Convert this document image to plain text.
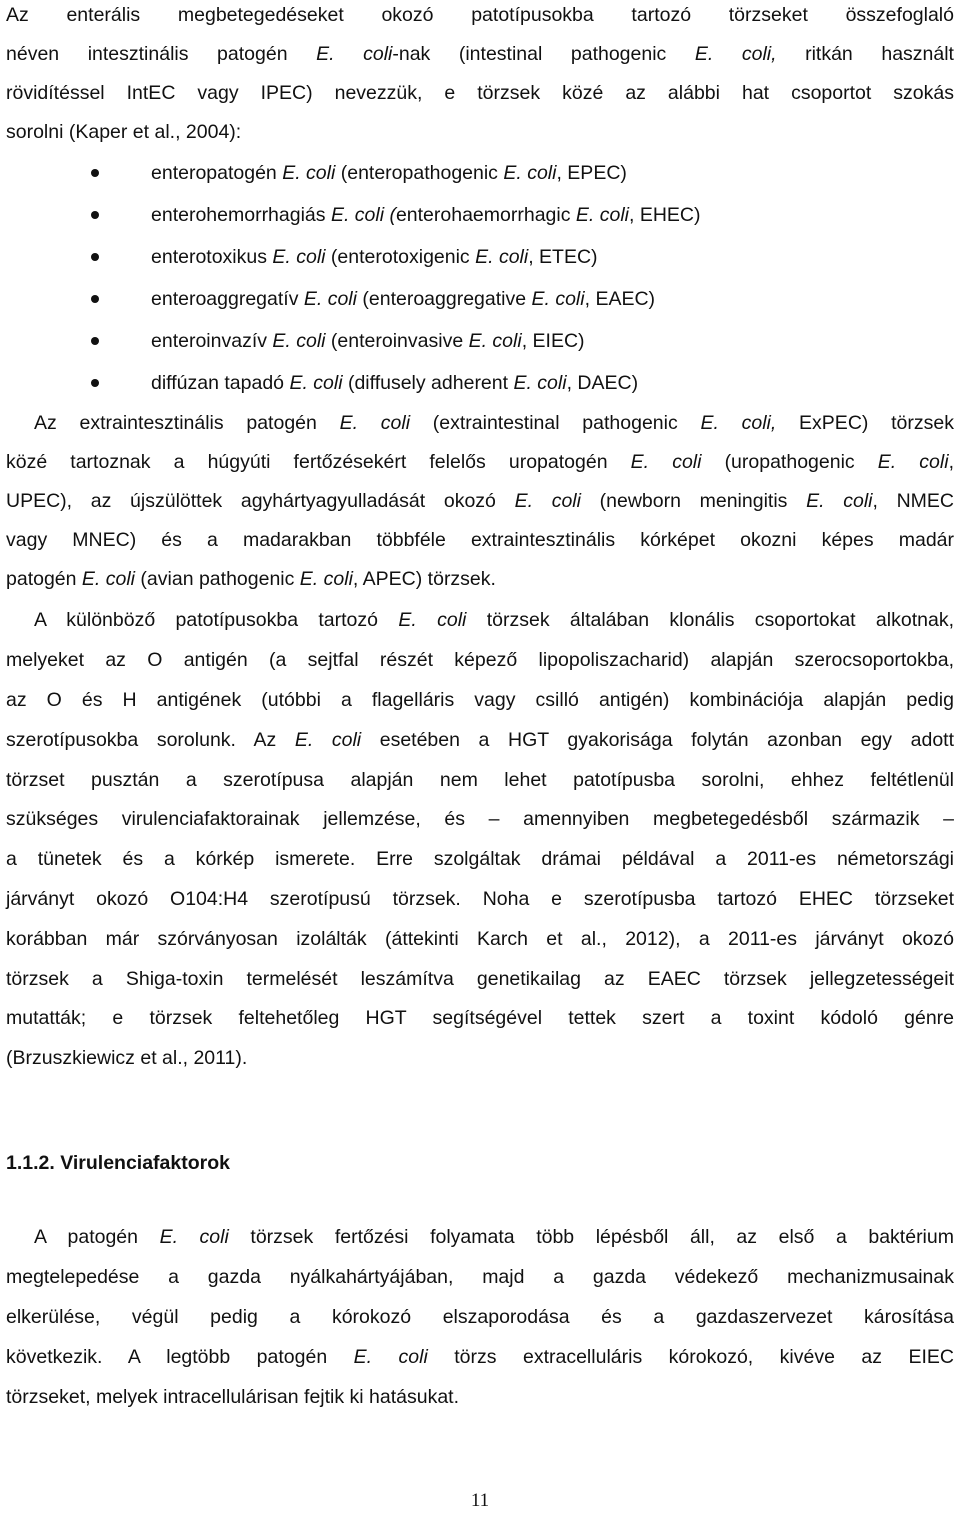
Az enterális megbetegedéseket okozó patotípusokba tartozó törzseket összefoglaló
néven intesztinális patogén E. coli-nak (intestinal pathogenic E. coli, ritkán használt
rövidítéssel IntEC vagy IPEC) nevezzük, e törzsek közé az alábbi hat csoportot szokás
sorolni (Kaper et al., 2004):
enteropatogén E. coli (enteropathogenic E. coli, EPEC)
enterohemorrhagiás E. coli (enterohaemorrhagic E. coli, EHEC)
enterotoxikus E. coli (enterotoxigenic E. coli, ETEC)
enteroaggregatív E. coli (enteroaggregative E. coli, EAEC)
enteroinvazív E. coli (enteroinvasive E. coli, EIEC)
diffúzan tapadó E. coli (diffusely adherent E. coli, DAEC)
Az extraintesztinális patogén E. coli (extraintestinal pathogenic E. coli, ExPEC) törzsek
közé tartoznak a húgyúti fertőzésekért felelős uropatogén E. coli (uropathogenic E. coli,
UPEC), az újszülöttek agyhártyagyulladását okozó E. coli (newborn meningitis E. coli, NMEC
vagy MNEC) és a madarakban többféle extraintesztinális kórképet okozni képes madár
patogén E. coli (avian pathogenic E. coli, APEC) törzsek.
A különböző patotípusokba tartozó E. coli törzsek általában klonális csoportokat alkotnak,
melyeket az O antigén (a sejtfal részét képező lipopoliszacharid) alapján szerocsoportokba,
az O és H antigének (utóbbi a flagelláris vagy csilló antigén) kombinációja alapján pedig
szerotípusokba sorolunk. Az E. coli esetében a HGT gyakorisága folytán azonban egy adott
törzset pusztán a szerotípusa alapján nem lehet patotípusba sorolni, ehhez feltétlenül
szükséges virulenciafaktorainak jellemzése, és – amennyiben megbetegedésből származik –
a tünetek és a kórkép ismerete. Erre szolgáltak drámai példával a 2011-es németországi
járványt okozó O104:H4 szerotípusú törzsek. Noha e szerotípusba tartozó EHEC törzseket
korábban már szórványosan izolálták (áttekinti Karch et al., 2012), a 2011-es járványt okozó
törzsek a Shiga-toxin termelését leszámítva genetikailag az EAEC törzsek jellegzetességeit
mutatták; e törzsek feltehetőleg HGT segítségével tettek szert a toxint kódoló génre
(Brzuszkiewicz et al., 2011).
1.1.2. Virulenciafaktorok
A patogén E. coli törzsek fertőzési folyamata több lépésből áll, az első a baktérium
megtelepedése a gazda nyálkahártyájában, majd a gazda védekező mechanizmusainak
elkerülése, végül pedig a kórokozó elszaporodása és a gazdaszervezet károsítása
következik. A legtöbb patogén E. coli törzs extracelluláris kórokozó, kivéve az EIEC
törzseket, melyek intracellulárisan fejtik ki hatásukat.
11
